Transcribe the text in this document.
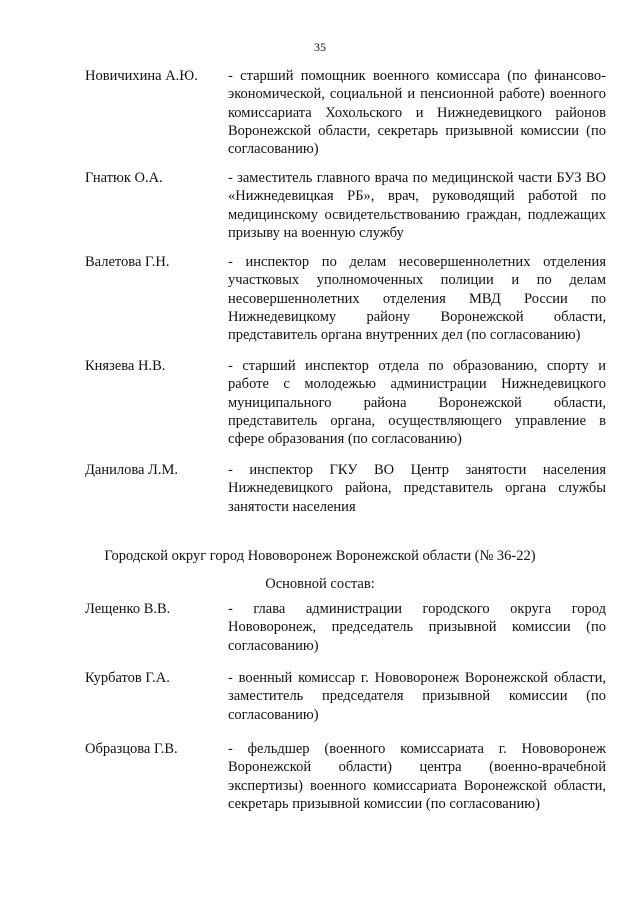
35
Новичихина А.Ю.	- старший помощник военного комиссара (по финансово-экономической, социальной и пенсионной работе) военного комиссариата Хохольского и Нижнедевицкого районов Воронежской области, секретарь призывной комиссии (по согласованию)
Гнатюк О.А.	- заместитель главного врача по медицинской части БУЗ ВО «Нижнедевицкая РБ», врач, руководящий работой по медицинскому освидетельствованию граждан, подлежащих призыву на военную службу
Валетова Г.Н.	- инспектор по делам несовершеннолетних отделения участковых уполномоченных полиции и по делам несовершеннолетних отделения МВД России по Нижнедевицкому району Воронежской области, представитель органа внутренних дел (по согласованию)
Князева Н.В.	- старший инспектор отдела по образованию, спорту и работе с молодежью администрации Нижнедевицкого муниципального района Воронежской области, представитель органа, осуществляющего управление в сфере образования (по согласованию)
Данилова Л.М.	- инспектор ГКУ ВО Центр занятости населения Нижнедевицкого района, представитель органа службы занятости населения
Городской округ город Нововоронеж Воронежской области (№ 36-22)
Основной состав:
Лещенко В.В.	- глава администрации городского округа город Нововоронеж, председатель призывной комиссии (по согласованию)
Курбатов Г.А.	- военный комиссар г. Нововоронеж Воронежской области, заместитель председателя призывной комиссии (по согласованию)
Образцова Г.В.	- фельдшер (военного комиссариата г. Нововоронеж Воронежской области) центра (военно-врачебной экспертизы) военного комиссариата Воронежской области, секретарь призывной комиссии (по согласованию)
